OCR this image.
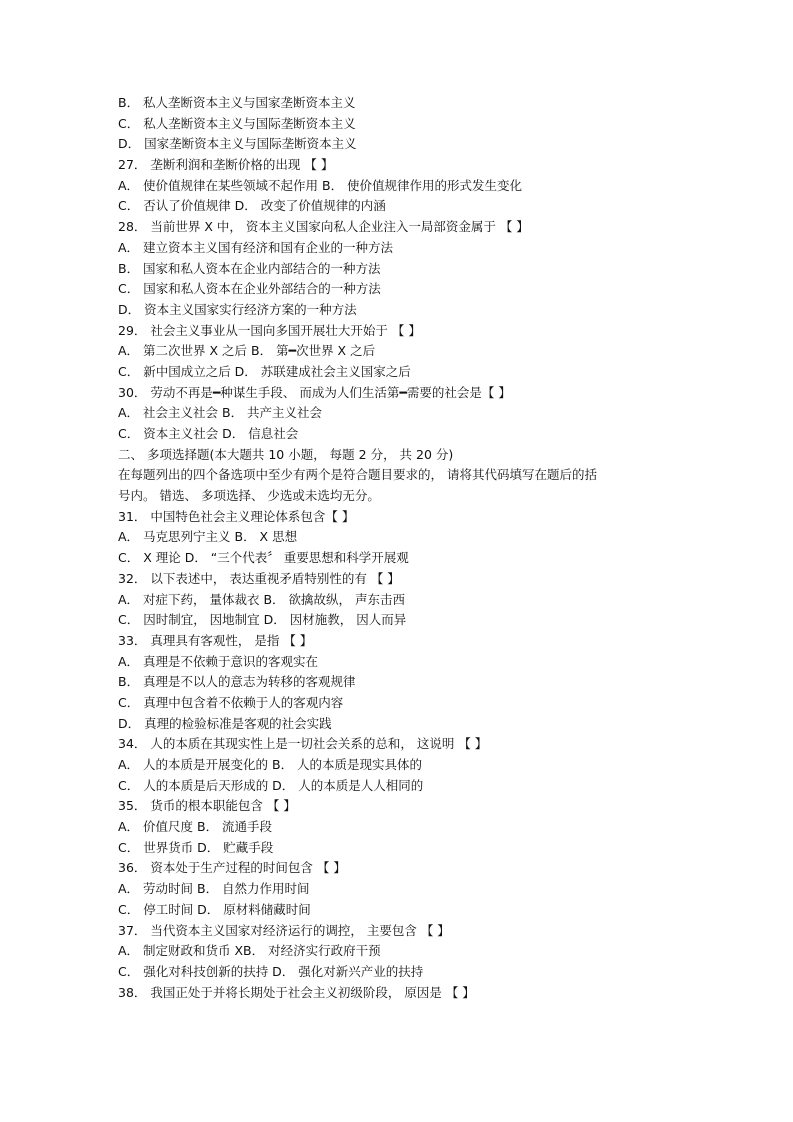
B． 私人垄断资本主义与国家垄断资本主义
C． 私人垄断资本主义与国际垄断资本主义
D． 国家垄断资本主义与国际垄断资本主义
27． 垄断利润和垄断价格的出现 【 】
A． 使价值规律在某些领域不起作用 B． 使价值规律作用的形式发生变化
C． 否认了价值规律 D． 改变了价值规律的内涵
28． 当前世界 X 中， 资本主义国家向私人企业注入一局部资金属于 【 】
A． 建立资本主义国有经济和国有企业的一种方法
B． 国家和私人资本在企业内部结合的一种方法
C． 国家和私人资本在企业外部结合的一种方法
D． 资本主义国家实行经济方案的一种方法
29． 社会主义事业从一国向多国开展壮大开始于 【 】
A． 第二次世界 X 之后 B． 第━次世界 X 之后
C． 新中国成立之后 D． 苏联建成社会主义国家之后
30． 劳动不再是━种谋生手段、 而成为人们生活第━需要的社会是【 】
A． 社会主义社会 B． 共产主义社会
C． 资本主义社会 D． 信息社会
二、 多项选择题(本大题共 10 小题， 每题 2 分， 共 20 分)
在每题列出的四个备选项中至少有两个是符合题目要求的， 请将其代码填写在题后的括
号内。 错选、 多项选择、 少选或未选均无分。
31． 中国特色社会主义理论体系包含【 】
A． 马克思列宁主义 B． X 思想
C． X 理论 D． “三个代表〞 重要思想和科学开展观
32． 以下表述中， 表达重视矛盾特别性的有 【 】
A． 对症下药， 量体裁衣 B． 欲擒故纵， 声东击西
C． 因时制宜， 因地制宜 D． 因材施教， 因人而异
33． 真理具有客观性， 是指 【 】
A． 真理是不依赖于意识的客观实在
B． 真理是不以人的意志为转移的客观规律
C． 真理中包含着不依赖于人的客观内容
D． 真理的检验标准是客观的社会实践
34． 人的本质在其现实性上是一切社会关系的总和， 这说明 【 】
A． 人的本质是开展变化的 B． 人的本质是现实具体的
C． 人的本质是后天形成的 D． 人的本质是人人相同的
35． 货币的根本职能包含 【 】
A． 价值尺度 B． 流通手段
C． 世界货币 D． 贮藏手段
36． 资本处于生产过程的时间包含 【 】
A． 劳动时间 B． 自然力作用时间
C． 停工时间 D． 原材料储藏时间
37． 当代资本主义国家对经济运行的调控， 主要包含 【 】
A． 制定财政和货币 XB． 对经济实行政府干预
C． 强化对科技创新的扶持 D． 强化对新兴产业的扶持
38． 我国正处于并将长期处于社会主义初级阶段， 原因是 【 】
